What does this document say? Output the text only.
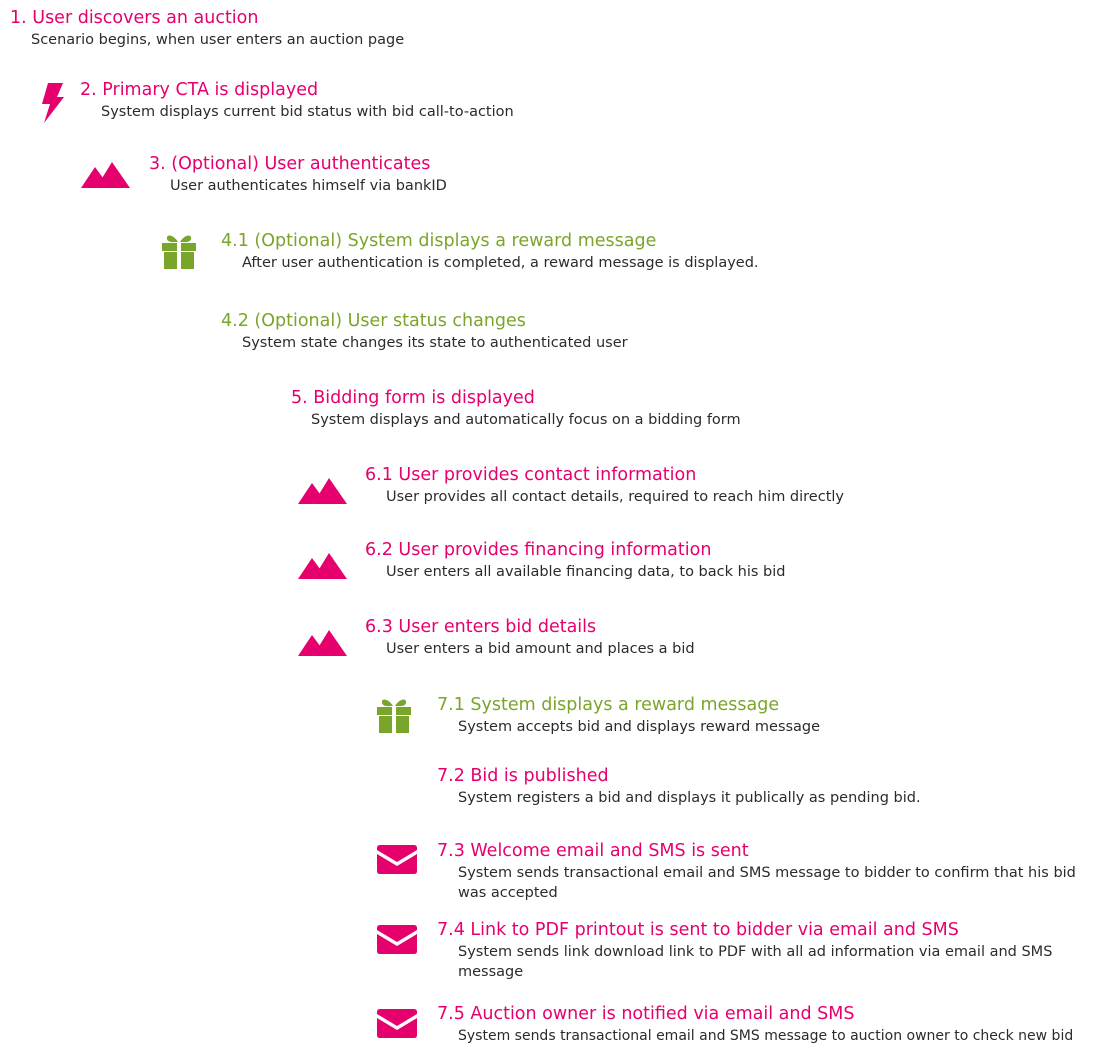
1. User discovers an auction
Scenario begins, when user enters an auction page
2. Primary CTA is displayed
System displays current bid status with bid call-to-action
3. (Optional) User authenticates
User authenticates himself via bankID
4.1 (Optional) System displays a reward message
After user authentication is completed, a reward message is displayed.
4.2 (Optional) User status changes
System state changes its state to authenticated user
5. Bidding form is displayed
System displays and automatically focus on a bidding form
6.1 User provides contact information
User provides all contact details, required to reach him directly
6.2 User provides financing information
User enters all available financing data, to back his bid
6.3 User enters bid details
User enters a bid amount and places a bid
7.1 System displays a reward message
System accepts bid and displays reward message
7.2 Bid is published
System registers a bid and displays it publically as pending bid.
7.3 Welcome email and SMS is sent
System sends transactional email and SMS message to bidder to confirm that his bid was accepted
7.4 Link to PDF printout is sent to bidder via email and SMS
System sends link download link to PDF with all ad information via email and SMS message
7.5 Auction owner is notified via email and SMS
System sends transactional email and SMS message to auction owner to check new bid
